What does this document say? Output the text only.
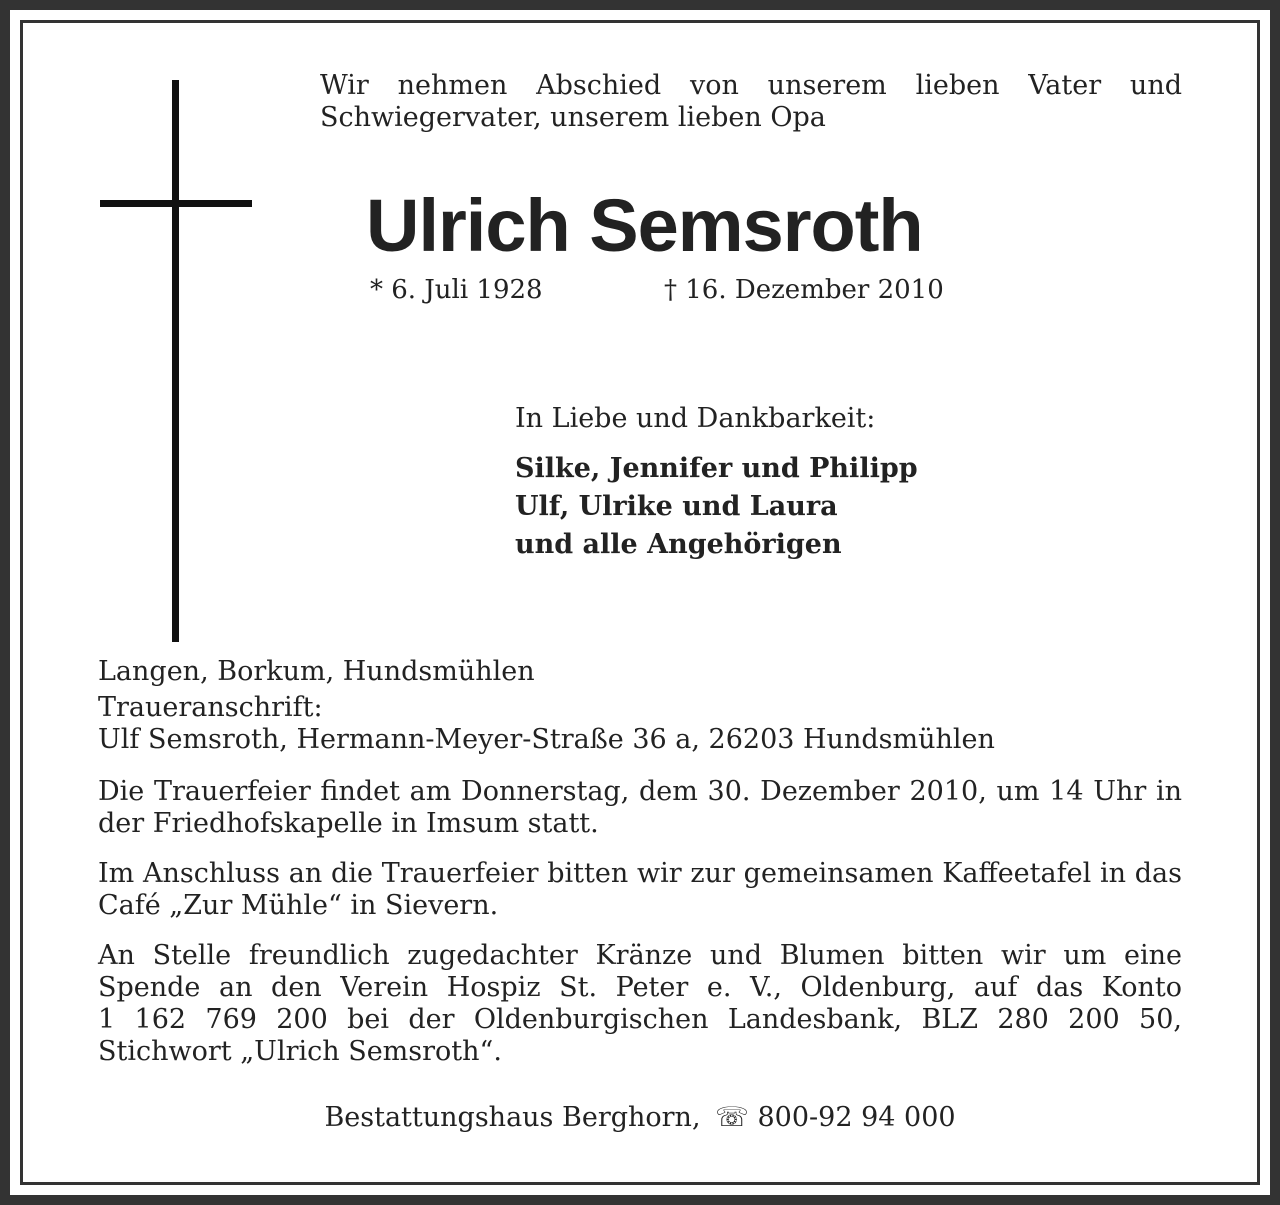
Wir nehmen Abschied von unserem lieben Vater und
Schwiegervater, unserem lieben Opa
Ulrich Semsroth
* 6. Juli 1928	† 16. Dezember 2010
In Liebe und Dankbarkeit:
Silke, Jennifer und Philipp
Ulf, Ulrike und Laura
und alle Angehörigen
Langen, Borkum, Hundsmühlen
Traueranschrift:
Ulf Semsroth, Hermann-Meyer-Straße 36 a, 26203 Hundsmühlen
Die Trauerfeier findet am Donnerstag, dem 30. Dezember 2010, um 14 Uhr in der Friedhofskapelle in Imsum statt.
Im Anschluss an die Trauerfeier bitten wir zur gemeinsamen Kaffeetafel in das Café „Zur Mühle“ in Sievern.
An Stelle freundlich zugedachter Kränze und Blumen bitten wir um eine
Spende an den Verein Hospiz St. Peter e. V., Oldenburg, auf das Konto
1 162 769 200 bei der Oldenburgischen Landesbank, BLZ 280 200 50,
Stichwort „Ulrich Semsroth“.
Bestattungshaus Berghorn, ☏ 800-92 94 000
